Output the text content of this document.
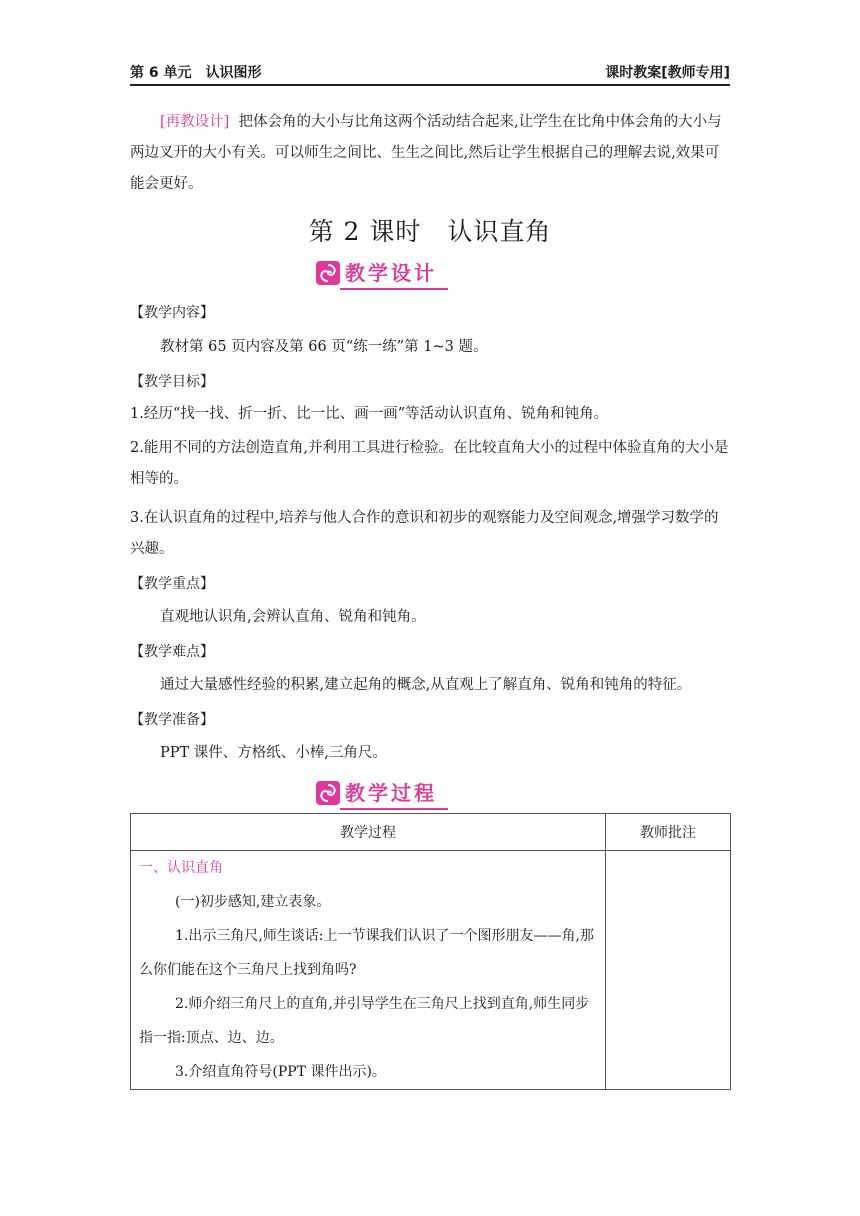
第 6 单元 认识图形	课时教案[教师专用]
[再教设计] 把体会角的大小与比角这两个活动结合起来,让学生在比角中体会角的大小与两边叉开的大小有关。可以师生之间比、生生之间比,然后让学生根据自己的理解去说,效果可能会更好。
第 2 课时 认识直角
教学设计
【教学内容】
教材第 65 页内容及第 66 页“练一练”第 1~3 题。
【教学目标】
1.经历“找一找、折一折、比一比、画一画”等活动认识直角、锐角和钝角。
2.能用不同的方法创造直角,并利用工具进行检验。在比较直角大小的过程中体验直角的大小是相等的。
3.在认识直角的过程中,培养与他人合作的意识和初步的观察能力及空间观念,增强学习数学的兴趣。
【教学重点】
直观地认识角,会辨认直角、锐角和钝角。
【教学难点】
通过大量感性经验的积累,建立起角的概念,从直观上了解直角、锐角和钝角的特征。
【教学准备】
PPT 课件、方格纸、小棒,三角尺。
教学过程
教学过程	教师批注

一、认识直角

(一)初步感知,建立表象。

1.出示三角尺,师生谈话:上一节课我们认识了一个图形朋友——角,那么你们能在这个三角尺上找到角吗?

2.师介绍三角尺上的直角,并引导学生在三角尺上找到直角,师生同步指一指:顶点、边、边。

3.介绍直角符号(PPT 课件出示)。	
